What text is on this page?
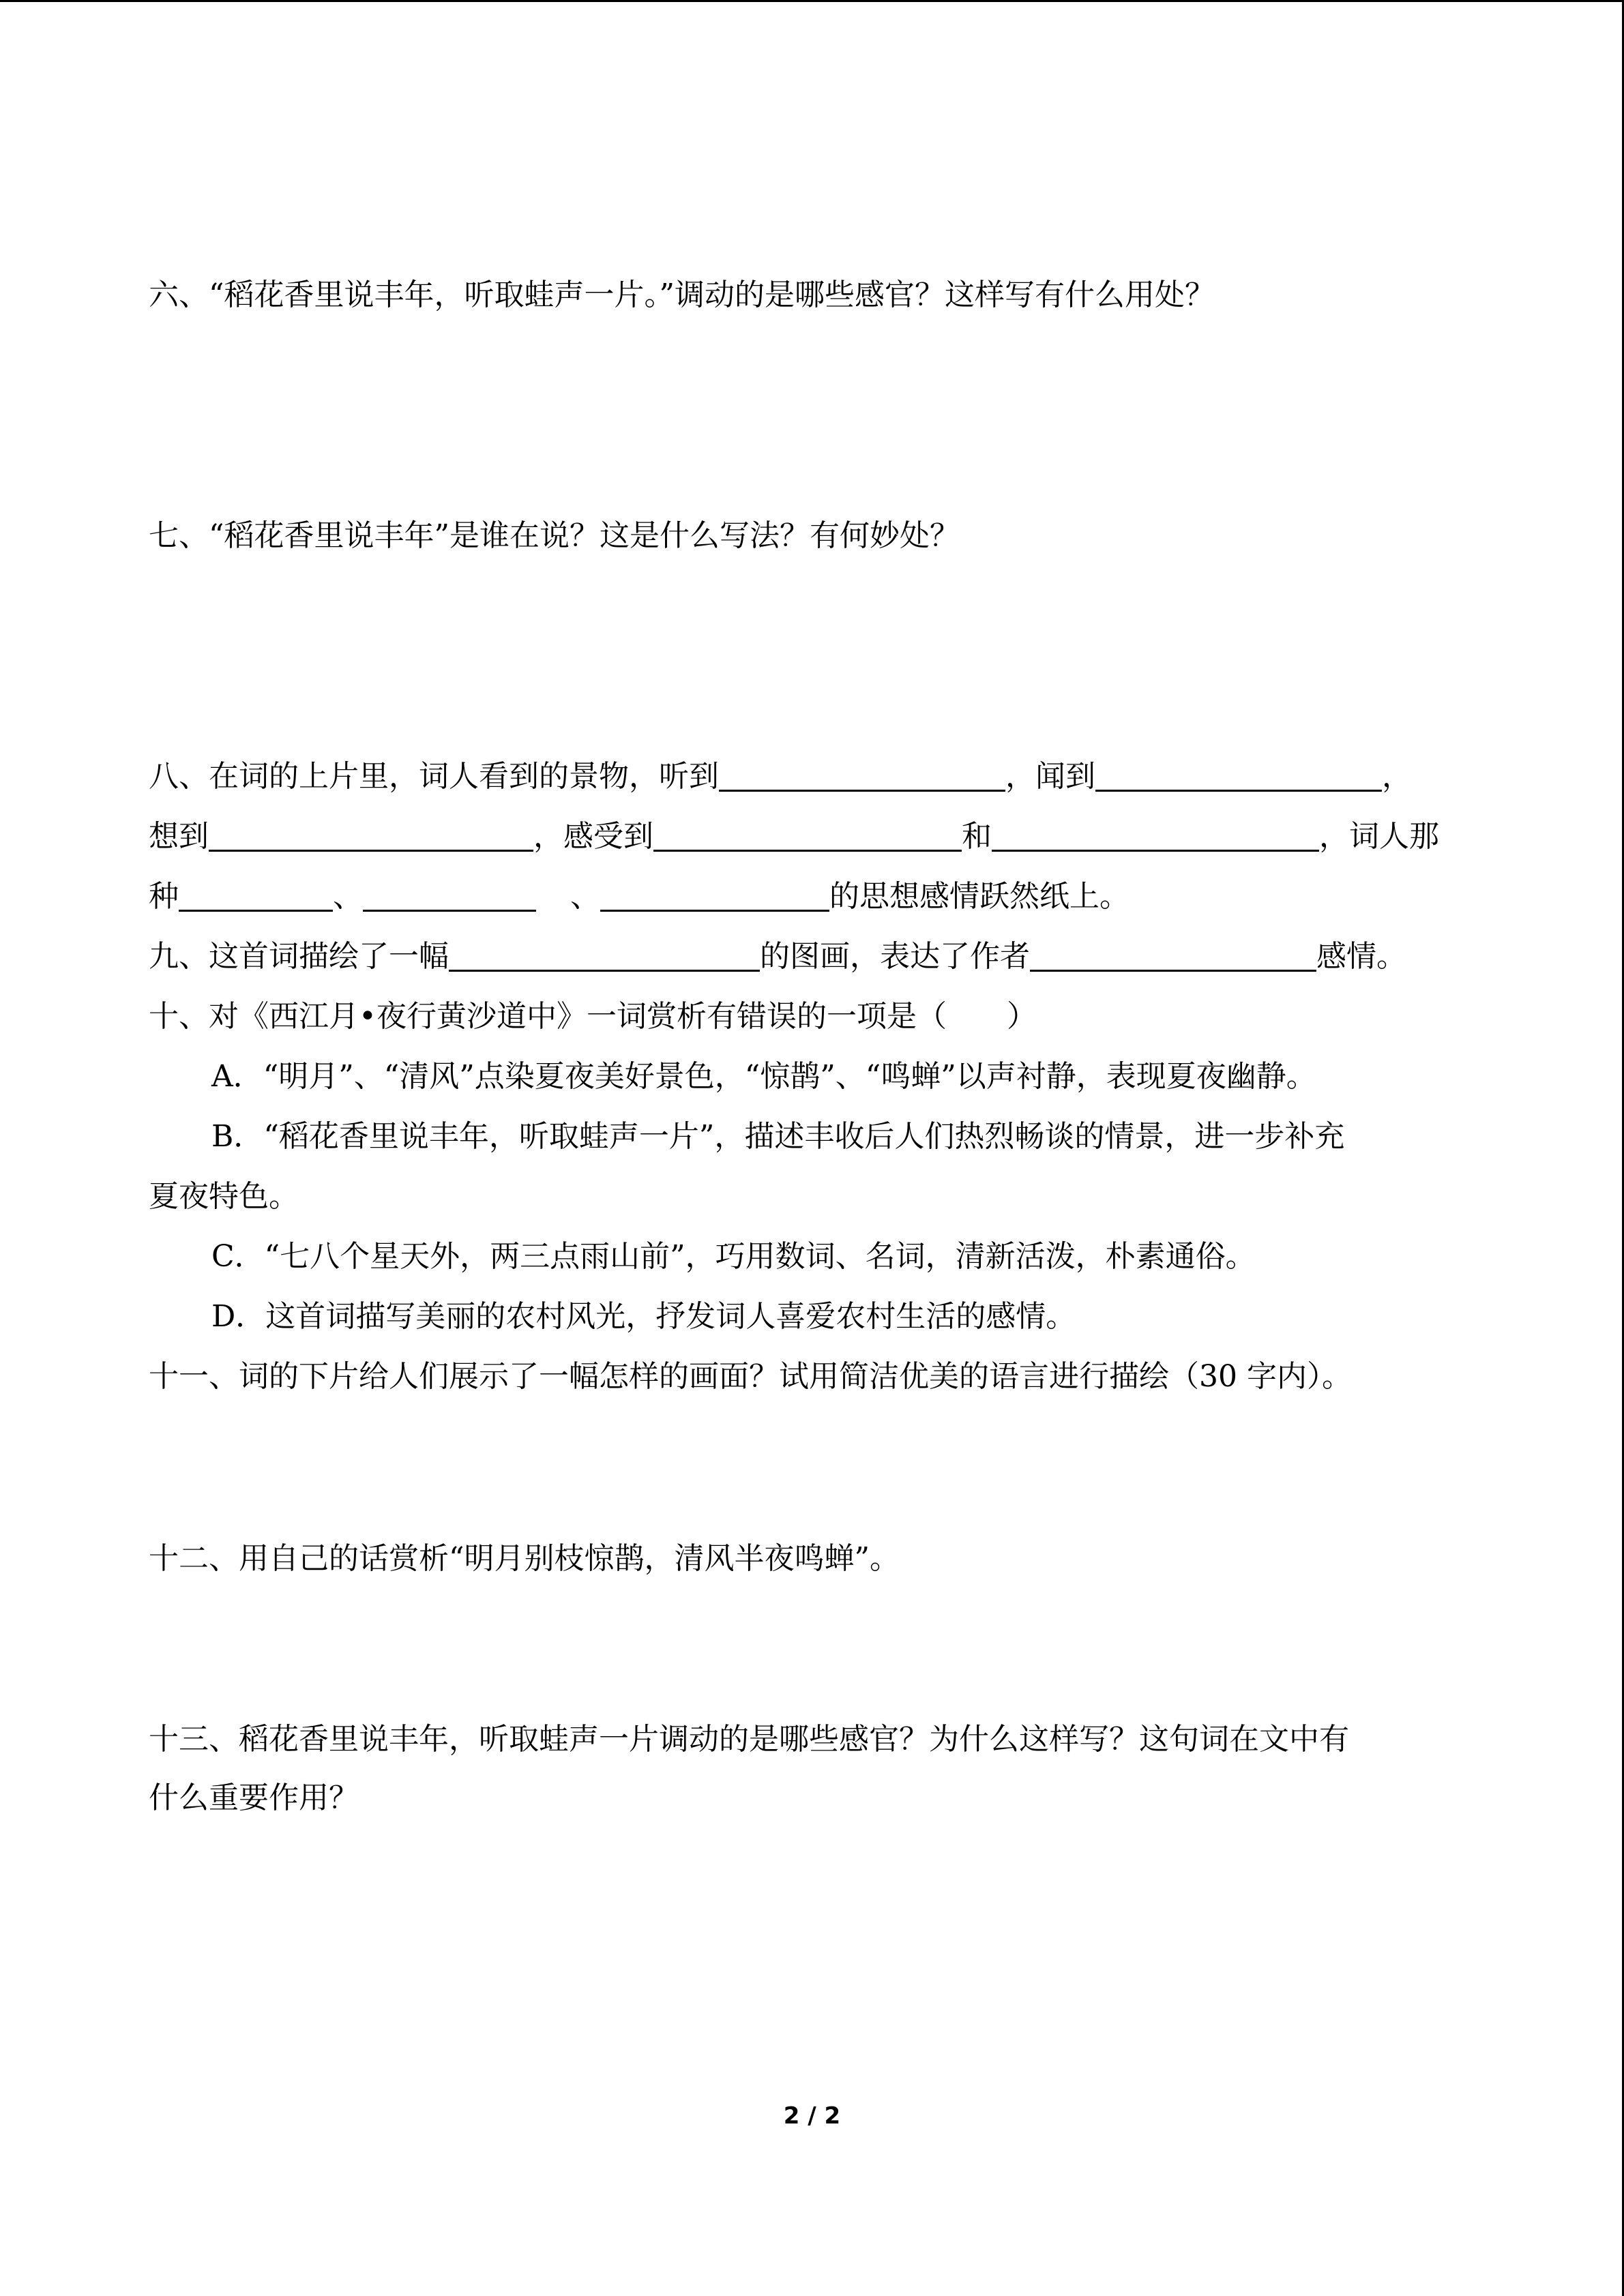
六、“稻花香里说丰年，听取蛙声一片。”调动的是哪些感官？这样写有什么用处？
七、“稻花香里说丰年”是谁在说？这是什么写法？有何妙处？
八、在词的上片里，词人看到的景物，听到	，闻到	，
想到	，感受到	和	，词人那
种	、	、	的思想感情跃然纸上。
九、这首词描绘了一幅	的图画，表达了作者	感情。
十、对《西江月•夜行黄沙道中》一词赏析有错误的一项是（　　）
A．“明月”、“清风”点染夏夜美好景色，“惊鹊”、“鸣蝉”以声衬静，表现夏夜幽静。
B．“稻花香里说丰年，听取蛙声一片”，描述丰收后人们热烈畅谈的情景，进一步补充
夏夜特色。
C．“七八个星天外，两三点雨山前”，巧用数词、名词，清新活泼，朴素通俗。
D．这首词描写美丽的农村风光，抒发词人喜爱农村生活的感情。
十一、词的下片给人们展示了一幅怎样的画面？试用简洁优美的语言进行描绘（30 字内）。
十二、用自己的话赏析“明月别枝惊鹊，清风半夜鸣蝉”。
十三、稻花香里说丰年，听取蛙声一片调动的是哪些感官？为什么这样写？这句词在文中有
什么重要作用？
2 / 2
